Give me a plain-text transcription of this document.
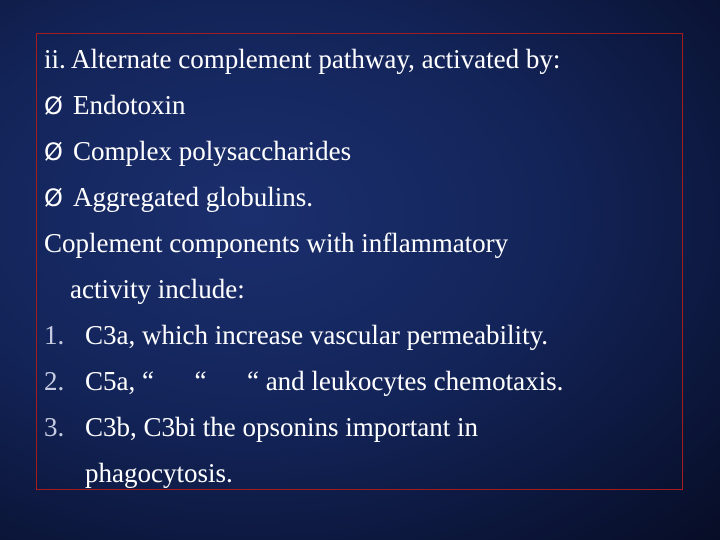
ii. Alternate complement pathway, activated by:
Ø Endotoxin
Ø Complex polysaccharides
Ø Aggregated globulins.
Coplement components with inflammatory
activity include:
1. C3a, which increase vascular permeability.
2. C5a, “      “      “ and leukocytes chemotaxis.
3. C3b, C3bi the opsonins important in
phagocytosis.
